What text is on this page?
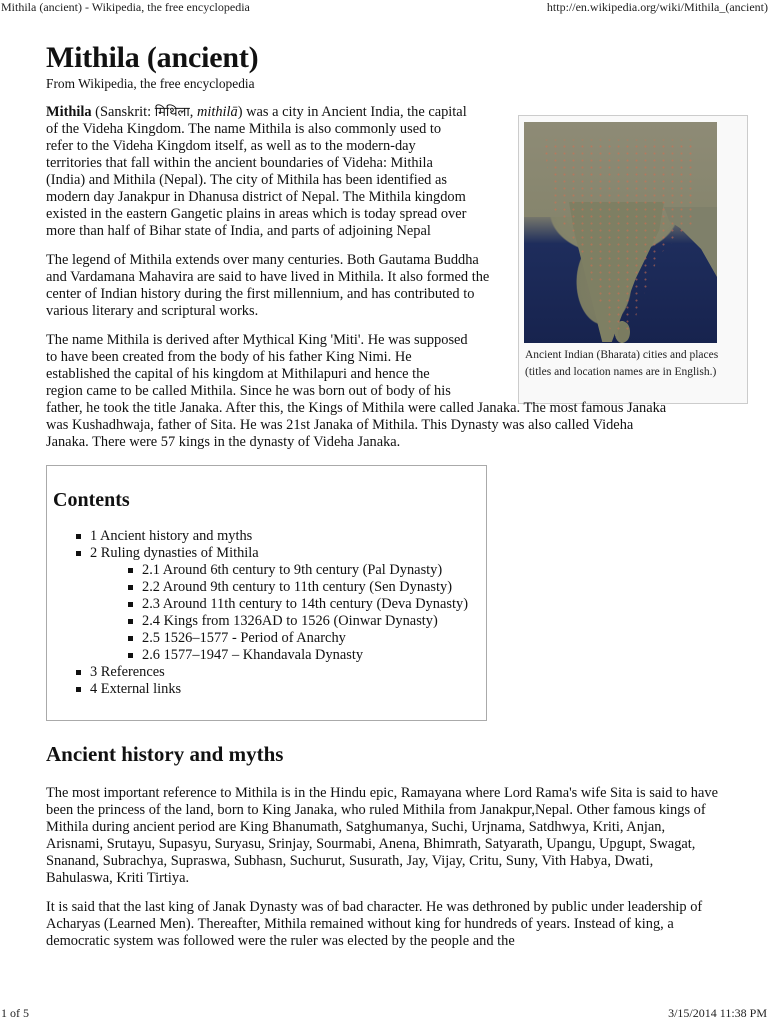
Mithila (ancient) - Wikipedia, the free encyclopedia	http://en.wikipedia.org/wiki/Mithila_(ancient)
Ancient Indian (Bharata) cities and places (titles and location names are in English.)
Mithila (ancient)
From Wikipedia, the free encyclopedia

Mithila (Sanskrit: मिथिला, mithilā) was a city in Ancient India, the capital of the Videha Kingdom. The name Mithila is also commonly used to refer to the Videha Kingdom itself, as well as to the modern-day territories that fall within the ancient boundaries of Videha: Mithila (India) and Mithila (Nepal). The city of Mithila has been identified as modern day Janakpur in Dhanusa district of Nepal. The Mithila kingdom existed in the eastern Gangetic plains in areas which is today spread over more than half of Bihar state of India, and parts of adjoining Nepal

The legend of Mithila extends over many centuries. Both Gautama Buddha and Vardamana Mahavira are said to have lived in Mithila. It also formed the center of Indian history during the first millennium, and has contributed to various literary and scriptural works.

The name Mithila is derived after Mythical King 'Miti'. He was supposed
to have been created from the body of his father King Nimi. He
established the capital of his kingdom at Mithilapuri and hence the
region came to be called Mithila. Since he was born out of body of his
father, he took the title Janaka. After this, the Kings of Mithila were called Janaka. The most famous Janaka
was Kushadhwaja, father of Sita. He was 21st Janaka of Mithila. This Dynasty was also called Videha
Janaka. There were 57 kings in the dynasty of Videha Janaka.

Contents
1 Ancient history and myths
2 Ruling dynasties of Mithila
2.1 Around 6th century to 9th century (Pal Dynasty)
2.2 Around 9th century to 11th century (Sen Dynasty)
2.3 Around 11th century to 14th century (Deva Dynasty)
2.4 Kings from 1326AD to 1526 (Oinwar Dynasty)
2.5 1526–1577 - Period of Anarchy
2.6 1577–1947 – Khandavala Dynasty
3 References
4 External links
Ancient history and myths

The most important reference to Mithila is in the Hindu epic, Ramayana where Lord Rama's wife Sita is said to have been the princess of the land, born to King Janaka, who ruled Mithila from Janakpur,Nepal. Other famous kings of Mithila during ancient period are King Bhanumath, Satghumanya, Suchi, Urjnama, Satdhwya, Kriti, Anjan, Arisnami, Srutayu, Supasyu, Suryasu, Srinjay, Sourmabi, Anena, Bhimrath, Satyarath, Upangu, Upgupt, Swagat, Snanand, Subrachya, Supraswa, Subhasn, Suchurut, Susurath, Jay, Vijay, Critu, Suny, Vith Habya, Dwati, Bahulaswa, Kriti Tirtiya.

It is said that the last king of Janak Dynasty was of bad character. He was dethroned by public under leadership of Acharyas (Learned Men). Thereafter, Mithila remained without king for hundreds of years. Instead of king, a democratic system was followed were the ruler was elected by the people and the

1 of 5	3/15/2014 11:38 PM
